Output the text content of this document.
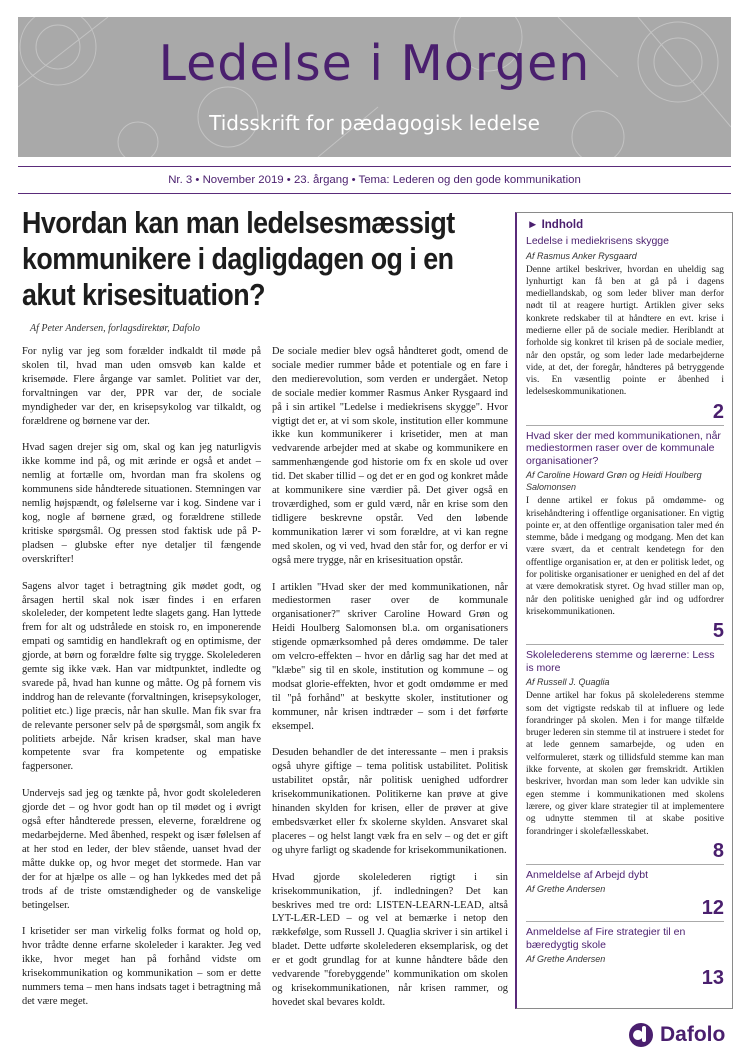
Ledelse i Morgen
Tidsskrift for pædagogisk ledelse
Nr. 3 • November 2019 • 23. årgang • Tema: Lederen og den gode kommunikation
Hvordan kan man ledelsesmæssigt kommunikere i dagligdagen og i en akut krisesituation?
Af Peter Andersen, forlagsdirektør, Dafolo

For nylig var jeg som forælder indkaldt til møde på skolen til, hvad man uden omsvøb kan kalde et krisemøde. Flere årgange var samlet. Politiet var der, forvaltningen var der, PPR var der, de sociale myndigheder var der, en krisepsykolog var tilkaldt, og forældrene og børnene var der.

Hvad sagen drejer sig om, skal og kan jeg naturligvis ikke komme ind på, og mit ærinde er også et andet – nemlig at fortælle om, hvordan man fra skolens og kommunens side håndterede situationen. Stemningen var nemlig højspændt, og følelserne var i kog. Sindene var i kog, nogle af børnene græd, og forældrene stillede kritiske spørgsmål. Og pressen stod faktisk ude på P-pladsen – glubske efter nye detaljer til fængende overskrifter!

Sagens alvor taget i betragtning gik mødet godt, og årsagen hertil skal nok især findes i en erfaren skoleleder, der kompetent ledte slagets gang. Han lyttede frem for alt og udstrålede en stoisk ro, en imponerende empati og samtidig en handlekraft og en optimisme, der gjorde, at børn og forældre følte sig trygge. Skolelederen gemte sig ikke væk. Han var midtpunktet, indledte og svarede på, hvad han kunne og måtte. Og på fornem vis inddrog han de relevante (forvaltningen, krisepsykologer, politiet etc.) lige præcis, når han skulle. Man fik svar fra de relevante personer selv på de spørgsmål, som angik fx politiets arbejde. Når krisen kradser, skal man have kompetente svar fra kompetente og empatiske fagpersoner.

Undervejs sad jeg og tænkte på, hvor godt skolelederen gjorde det – og hvor godt han op til mødet og i øvrigt også efter håndterede pressen, eleverne, forældrene og medarbejderne. Med åbenhed, respekt og især følelsen af at her stod en leder, der blev stående, uanset hvad der måtte dukke op, og hvor meget det stormede. Han var der for at hjælpe os alle – og han lykkedes med det på trods af de triste omstændigheder og de vanskelige betingelser.

I krisetider ser man virkelig folks format og hold op, hvor trådte denne erfarne skoleleder i karakter. Jeg ved ikke, hvor meget han på forhånd vidste om krisekommunikation og kommunikation – som er dette nummers tema – men hans indsats taget i betragtning må det være meget.

De sociale medier blev også håndteret godt, omend de sociale medier rummer både et potentiale og en fare i den medierevolution, som verden er undergået. Netop de sociale medier kommer Rasmus Anker Rysgaard ind på i sin artikel "Ledelse i mediekrisens skygge". Hvor vigtigt det er, at vi som skole, institution eller kommune ikke kun kommunikerer i krisetider, men at man vedvarende arbejder med at skabe og kommunikere en sammenhængende god historie om fx en skole ud over tid. Det skaber tillid – og det er en god og konkret måde at kommunikere sine værdier på. Det giver også en troværdighed, som er guld værd, når en krise som den tidligere beskrevne opstår. Ved den løbende kommunikation lærer vi som forældre, at vi kan regne med skolen, og vi ved, hvad den står for, og derfor er vi også mere trygge, når en krisesituation opstår.

I artiklen "Hvad sker der med kommunikationen, når mediestormen raser over de kommunale organisationer?" skriver Caroline Howard Grøn og Heidi Houlberg Salomonsen bl.a. om organisationers stigende opmærksomhed på deres omdømme. De taler om velcro-effekten – hvor en dårlig sag har det med at "klæbe" sig til en skole, institution og kommune – og modsat glorie-effekten, hvor et godt omdømme er med til "på forhånd" at beskytte skoler, institutioner og kommuner, når krisen indtræder – som i det førførte eksempel.

Desuden behandler de det interessante – men i praksis også uhyre giftige – tema politisk ustabilitet. Politisk ustabilitet opstår, når politisk uenighed udfordrer krisekommunikationen. Politikerne kan prøve at give hinanden skylden for krisen, eller de prøver at give embedsværket eller fx skolerne skylden. Ansvaret skal placeres – og helst langt væk fra en selv – og det er gift og uhyre farligt og skadende for krisekommunikationen.

Hvad gjorde skolelederen rigtigt i sin krisekommunikation, jf. indledningen? Det kan beskrives med tre ord: LISTEN-LEARN-LEAD, altså LYT-LÆR-LED – og vel at bemærke i netop den rækkefølge, som Russell J. Quaglia skriver i sin artikel i bladet. Dette udførte skolelederen eksemplarisk, og det er et godt grundlag for at kunne håndtere både den vedvarende "forebyggende" kommunikation om skolen og krisekommunikationen, når krisen rammer, og hovedet skal bevares koldt.

► Indhold
Ledelse i mediekrisens skygge
Af Rasmus Anker Rysgaard
Denne artikel beskriver, hvordan en uheldig sag lynhurtigt kan få ben at gå på i dagens mediellandskab, og som leder bliver man derfor nødt til at reagere hurtigt. Artiklen giver seks konkrete redskaber til at håndtere en evt. krise i medierne eller på de sociale medier. Heriblandt at forholde sig konkret til krisen på de sociale medier, når den opstår, og som leder lade medarbejderne vide, at det, der foregår, håndteres på betryggende vis. En væsentlig pointe er åbenhed i ledelseskommunikationen.
2
Hvad sker der med kommunikationen, når mediestormen raser over de kommunale organisationer?
Af Caroline Howard Grøn og Heidi Houlberg Salomonsen
I denne artikel er fokus på omdømme- og krisehåndtering i offentlige organisationer. En vigtig pointe er, at den offentlige organisation taler med én stemme, både i medgang og modgang. Men det kan være svært, da et centralt kendetegn for den offentlige organisation er, at den er politisk ledet, og for politiske organisationer er uenighed en del af det at være demokratisk styret. Og hvad stiller man op, når den politiske uenighed går ind og udfordrer krisekommunikationen.
5
Skolelederens stemme og lærerne: Less is more
Af Russell J. Quaglia
Denne artikel har fokus på skolelederens stemme som det vigtigste redskab til at influere og lede forandringer på skolen. Men i for mange tilfælde bruger lederen sin stemme til at instruere i stedet for at lede gennem samarbejde, og uden en velformuleret, stærk og tillidsfuld stemme kan man ikke forvente, at skolen gør fremskridt. Artiklen beskriver, hvordan man som leder kan udvikle sin egen stemme i kommunikationen med skolens lærere, og giver klare strategier til at implementere og udnytte stemmen til at skabe positive forandringer i skolefællesskabet.
8
Anmeldelse af Arbejd dybt
Af Grethe Andersen
12
Anmeldelse af Fire strategier til en bæredygtig skole
Af Grethe Andersen
13
Dafolo
